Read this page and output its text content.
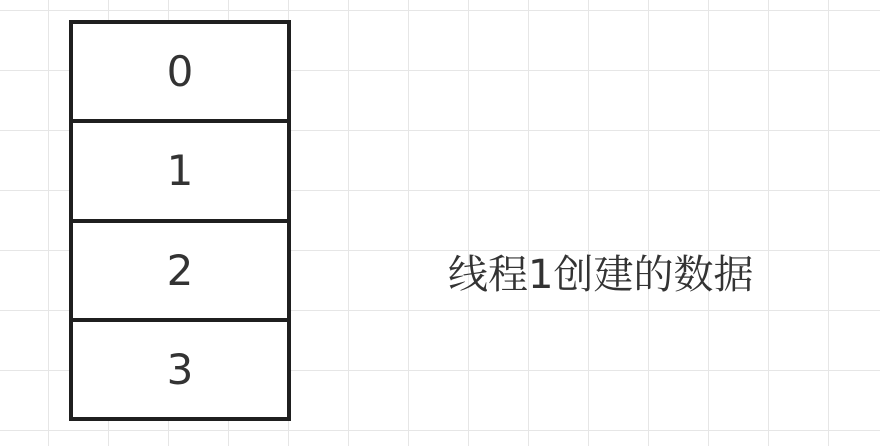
0
1
2
3
线程1创建的数据
